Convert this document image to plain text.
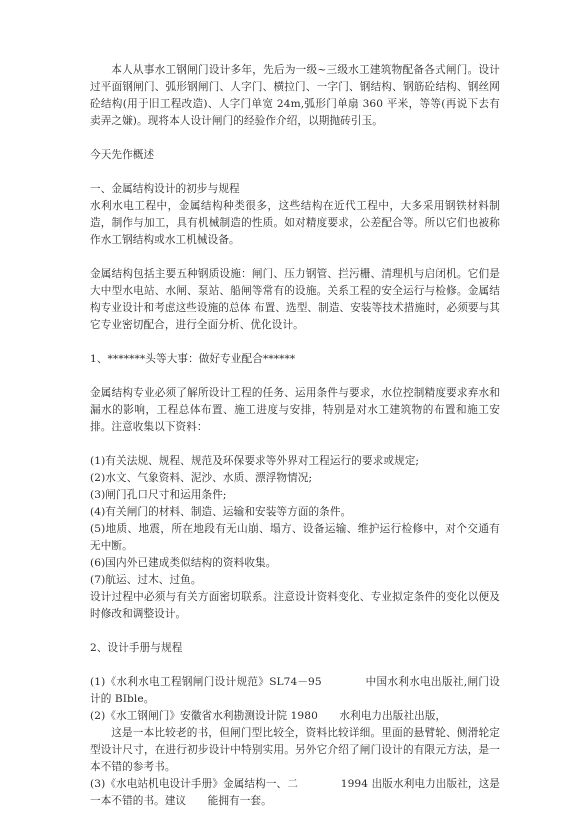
本人从事水工钢闸门设计多年，先后为一级~三级水工建筑物配备各式闸门。设计过平面钢闸门、弧形钢闸门、人字门、横拉门、一字门、钢结构、钢筋砼结构、钢丝网砼结构(用于旧工程改造)、人字门单宽 24m,弧形门单扇 360 平米，等等(再说下去有卖弄之嫌)。现将本人设计闸门的经验作介绍，以期抛砖引玉。

今天先作概述

一、金属结构设计的初步与规程

水利水电工程中，金属结构种类很多，这些结构在近代工程中，大多采用钢铁材料制造，制作与加工，具有机械制造的性质。如对精度要求，公差配合等。所以它们也被称作水工钢结构或水工机械设备。

金属结构包括主要五种钢质设施：闸门、压力钢管、拦污栅、清理机与启闭机。它们是大中型水电站、水闸、泵站、船闸等常有的设施。关系工程的安全运行与检修。金属结构专业设计和考虑这些设施的总体 布置、选型、制造、安装等技术措施时，必须要与其它专业密切配合，进行全面分析、优化设计。

1、*******头等大事：做好专业配合******

金属结构专业必须了解所设计工程的任务、运用条件与要求，水位控制精度要求弃水和漏水的影响，工程总体布置、施工进度与安排，特别是对水工建筑物的布置和施工安排。注意收集以下资料：

(1)有关法规、规程、规范及环保要求等外界对工程运行的要求或规定;

(2)水文、气象资料、泥沙、水质、漂浮物情况;

(3)闸门孔口尺寸和运用条件;

(4)有关闸门的材料、制造、运输和安装等方面的条件。

(5)地质、地震，所在地段有无山崩、塌方、设备运输、维护运行检修中，对个交通有无中断。

(6)国内外已建成类似结构的资料收集。

(7)航运、过木、过鱼。

设计过程中必须与有关方面密切联系。注意设计资料变化、专业拟定条件的变化以便及时修改和调整设计。

2、设计手册与规程

(1)《水利水电工程钢闸门设计规范》SL74－95　　　　中国水利水电出版社,闸门设计的 BIble。

(2)《水工钢闸门》安徽省水利勘测设计院 1980　　水利电力出版社出版，

这是一本比较老的书，但闸门型比较全，资料比较详细。里面的悬臂轮、侧滑轮定型设计尺寸，在进行初步设计中特别实用。另外它介绍了闸门设计的有限元方法，是一本不错的参考书。

(3)《水电站机电设计手册》金属结构一、二　　　　1994 出版水利电力出版社，这是一本不错的书。建议　　能拥有一套。
